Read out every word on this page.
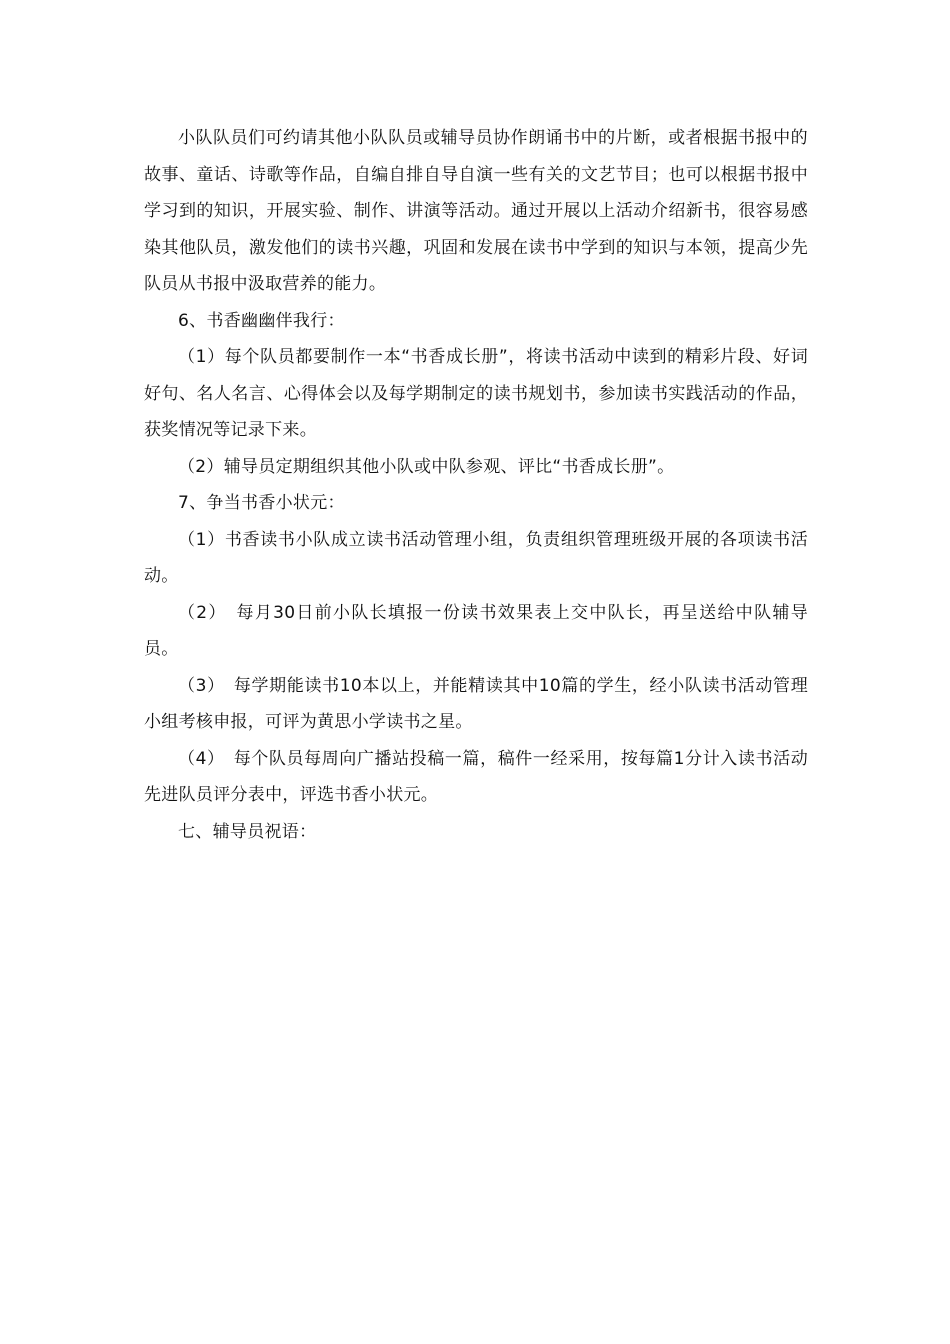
小队队员们可约请其他小队队员或辅导员协作朗诵书中的片断，或者根据书报中的故事、童话、诗歌等作品，自编自排自导自演一些有关的文艺节目；也可以根据书报中学习到的知识，开展实验、制作、讲演等活动。通过开展以上活动介绍新书，很容易感染其他队员，激发他们的读书兴趣，巩固和发展在读书中学到的知识与本领，提高少先队员从书报中汲取营养的能力。

6、书香幽幽伴我行：

（1）每个队员都要制作一本“书香成长册”，将读书活动中读到的精彩片段、好词好句、名人名言、心得体会以及每学期制定的读书规划书，参加读书实践活动的作品，获奖情况等记录下来。

（2）辅导员定期组织其他小队或中队参观、评比“书香成长册”。

7、争当书香小状元：

（1）书香读书小队成立读书活动管理小组，负责组织管理班级开展的各项读书活动。

（2）　每月30日前小队长填报一份读书效果表上交中队长，再呈送给中队辅导员。

（3）　每学期能读书10本以上，并能精读其中10篇的学生，经小队读书活动管理小组考核申报，可评为黄思小学读书之星。

（4）　每个队员每周向广播站投稿一篇，稿件一经采用，按每篇1分计入读书活动先进队员评分表中，评选书香小状元。

七、辅导员祝语：
